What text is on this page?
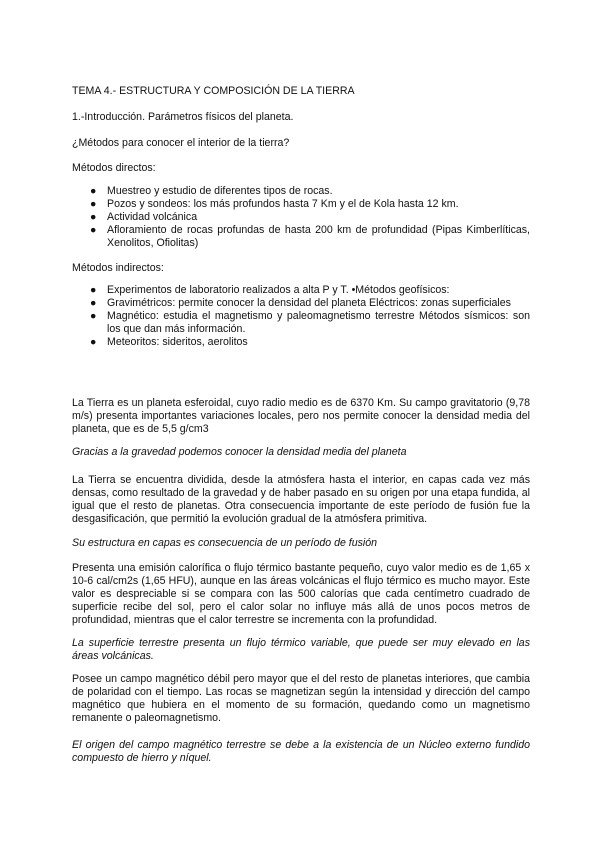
TEMA 4.- ESTRUCTURA Y COMPOSICIÓN DE LA TIERRA

1.-Introducción. Parámetros físicos del planeta.

¿Métodos para conocer el interior de la tierra?

Métodos directos:

● Muestreo y estudio de diferentes tipos de rocas.
● Pozos y sondeos: los más profundos hasta 7 Km y el de Kola hasta 12 km.
● Actividad volcánica
● Afloramiento de rocas profundas de hasta 200 km de profundidad (Pipas Kimberlíticas, Xenolitos, Ofiolitas)

Métodos indirectos:

● Experimentos de laboratorio realizados a alta P y T. •Métodos geofísicos:
● Gravimétricos: permite conocer la densidad del planeta Eléctricos: zonas superficiales
● Magnético: estudia el magnetismo y paleomagnetismo terrestre Métodos sísmicos: son los que dan más información.
● Meteoritos: sideritos, aerolitos

La Tierra es un planeta esferoidal, cuyo radio medio es de 6370 Km. Su campo gravitatorio (9,78 m/s) presenta importantes variaciones locales, pero nos permite conocer la densidad media del planeta, que es de 5,5 g/cm3

Gracias a la gravedad podemos conocer la densidad media del planeta

La Tierra se encuentra dividida, desde la atmósfera hasta el interior, en capas cada vez más densas, como resultado de la gravedad y de haber pasado en su origen por una etapa fundida, al igual que el resto de planetas. Otra consecuencia importante de este período de fusión fue la desgasificación, que permitió la evolución gradual de la atmósfera primitiva.

Su estructura en capas es consecuencia de un período de fusión

Presenta una emisión calorífica o flujo térmico bastante pequeño, cuyo valor medio es de 1,65 x 10-6 cal/cm2s (1,65 HFU), aunque en las áreas volcánicas el flujo térmico es mucho mayor. Este valor es despreciable si se compara con las 500 calorías que cada centímetro cuadrado de superficie recibe del sol, pero el calor solar no influye más allá de unos pocos metros de profundidad, mientras que el calor terrestre se incrementa con la profundidad.

La superficie terrestre presenta un flujo térmico variable, que puede ser muy elevado en las áreas volcánicas.

Posee un campo magnético débil pero mayor que el del resto de planetas interiores, que cambia de polaridad con el tiempo. Las rocas se magnetizan según la intensidad y dirección del campo magnético que hubiera en el momento de su formación, quedando como un magnetismo remanente o paleomagnetismo.

El origen del campo magnético terrestre se debe a la existencia de un Núcleo externo fundido compuesto de hierro y níquel.
